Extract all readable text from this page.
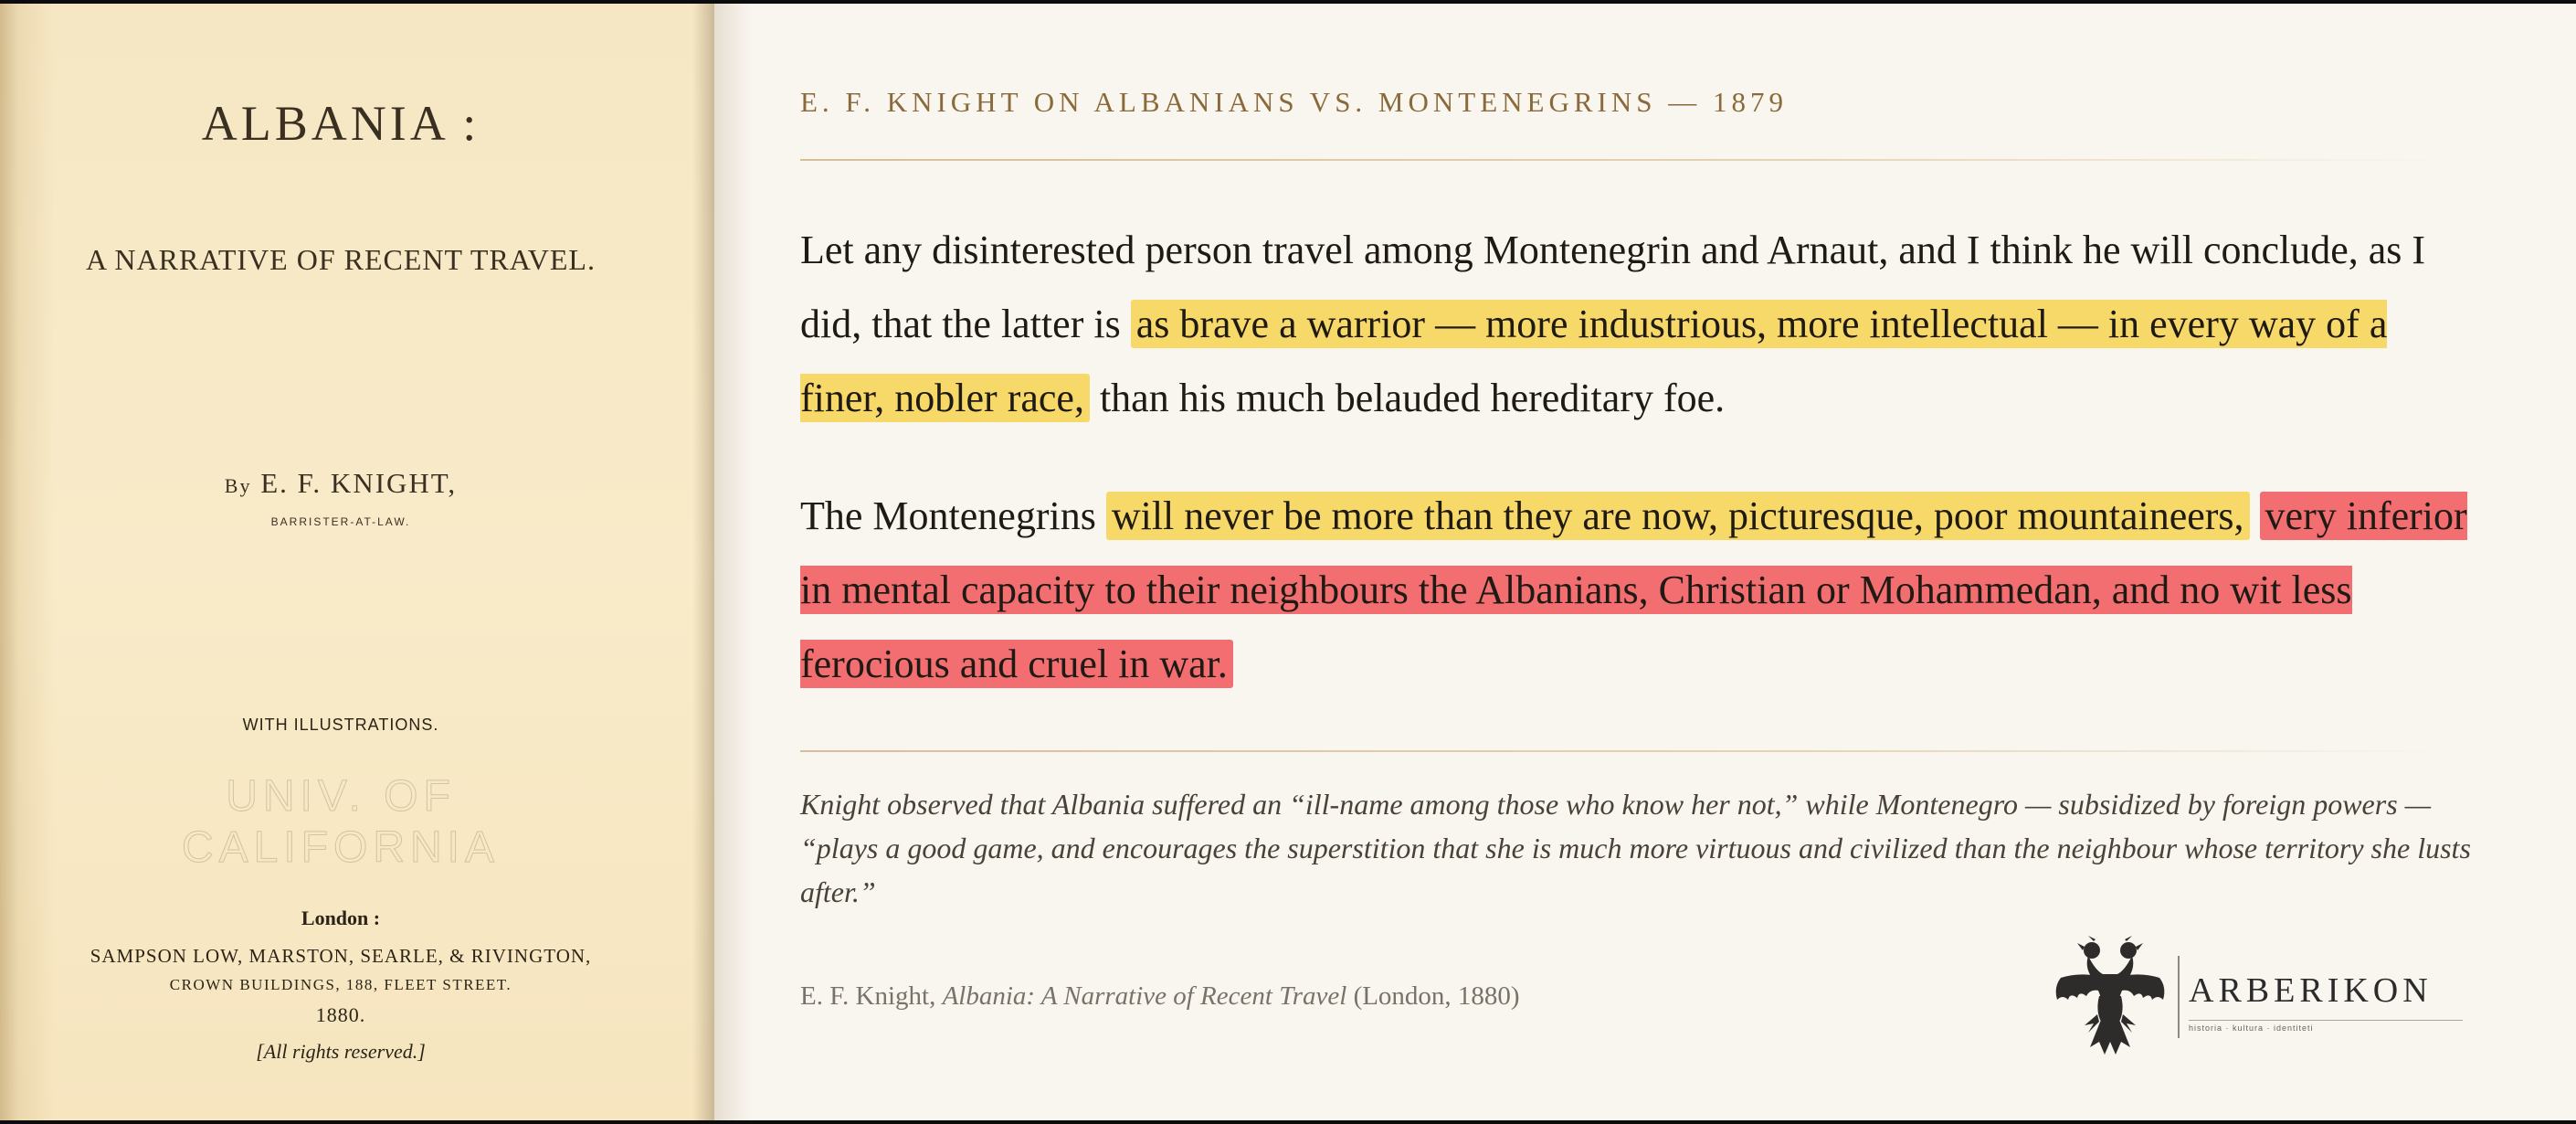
ALBANIA :
A NARRATIVE OF RECENT TRAVEL.
By E. F. KNIGHT,
BARRISTER-AT-LAW.
WITH ILLUSTRATIONS.
UNIV. OF
CALIFORNIA
London :
SAMPSON LOW, MARSTON, SEARLE, & RIVINGTON,
CROWN BUILDINGS, 188, FLEET STREET.
1880.
[All rights reserved.]
E. F. KNIGHT ON ALBANIANS VS. MONTENEGRINS — 1879
Let any disinterested person travel among Montenegrin and Arnaut, and I think he will conclude, as I did, that the latter is as brave a warrior — more industrious, more intellectual — in every way of a finer, nobler race, than his much belauded hereditary foe.
The Montenegrins will never be more than they are now, picturesque, poor mountaineers, very inferior in mental capacity to their neighbours the Albanians, Christian or Mohammedan, and no wit less ferocious and cruel in war.
Knight observed that Albania suffered an “ill-name among those who know her not,” while Montenegro — subsidized by foreign powers — “plays a good game, and encourages the superstition that she is much more virtuous and civilized than the neighbour whose territory she lusts after.”
E. F. Knight, Albania: A Narrative of Recent Travel (London, 1880)	ARBERIKON
historia · kultura · identiteti
